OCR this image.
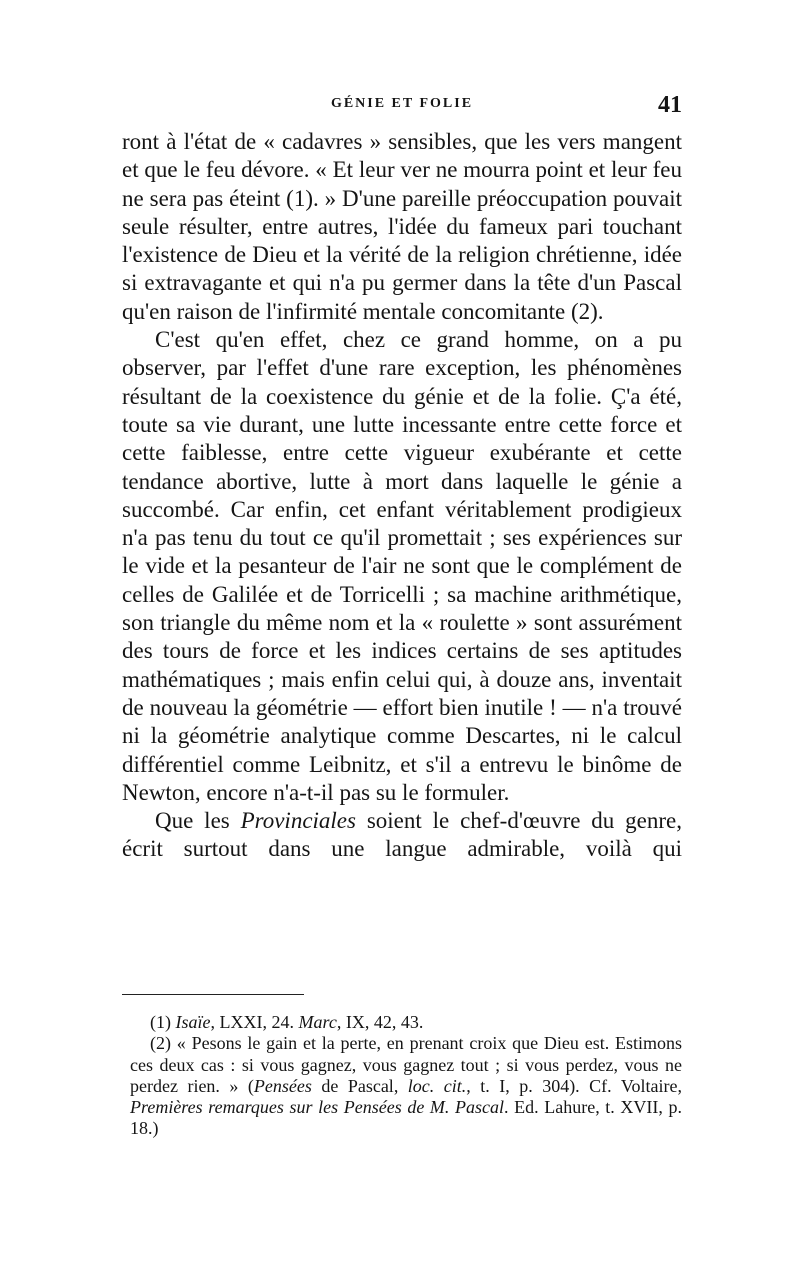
GÉNIE ET FOLIE	41

ront à l'état de « cadavres » sensibles, que les vers mangent et que le feu dévore. « Et leur ver ne mourra point et leur feu ne sera pas éteint (1). » D'une pareille préoccupation pouvait seule résulter, entre autres, l'idée du fameux pari touchant l'existence de Dieu et la vérité de la religion chrétienne, idée si extravagante et qui n'a pu germer dans la tête d'un Pascal qu'en raison de l'infirmité mentale concomitante (2).

C'est qu'en effet, chez ce grand homme, on a pu observer, par l'effet d'une rare exception, les phénomènes résultant de la coexistence du génie et de la folie. Ç'a été, toute sa vie durant, une lutte incessante entre cette force et cette faiblesse, entre cette vigueur exubérante et cette tendance abortive, lutte à mort dans laquelle le génie a succombé. Car enfin, cet enfant véritablement prodigieux n'a pas tenu du tout ce qu'il promettait ; ses expériences sur le vide et la pesanteur de l'air ne sont que le complément de celles de Galilée et de Torricelli ; sa machine arithmétique, son triangle du même nom et la « roulette » sont assurément des tours de force et les indices certains de ses aptitudes mathématiques ; mais enfin celui qui, à douze ans, inventait de nouveau la géométrie — effort bien inutile ! — n'a trouvé ni la géométrie analytique comme Descartes, ni le calcul différentiel comme Leibnitz, et s'il a entrevu le binôme de Newton, encore n'a-t-il pas su le formuler.

Que les Provinciales soient le chef-d'œuvre du genre, écrit surtout dans une langue admirable, voilà qui

(1) Isaïe, LXXI, 24. Marc, IX, 42, 43.

(2) « Pesons le gain et la perte, en prenant croix que Dieu est. Estimons ces deux cas : si vous gagnez, vous gagnez tout ; si vous perdez, vous ne perdez rien. » (Pensées de Pascal, loc. cit., t. I, p. 304). Cf. Voltaire, Premières remarques sur les Pensées de M. Pascal. Ed. Lahure, t. XVII, p. 18.)
